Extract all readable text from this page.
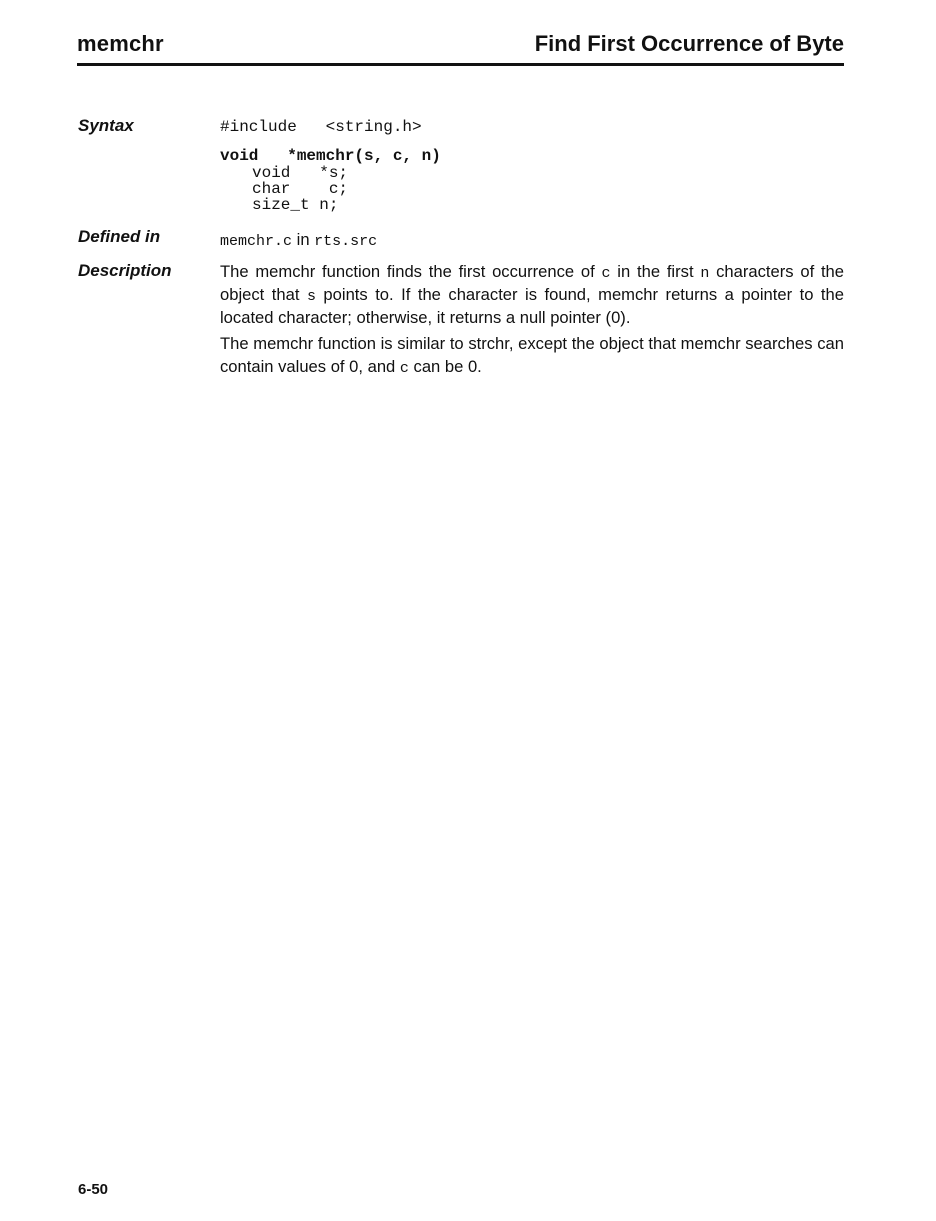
memchr	Find First Occurrence of Byte
Syntax	#include   <string.h>
void   *memchr(s, c, n)
void   *s;
char    c;
size_t n;
Defined in	memchr.c in rts.src
Description	The memchr function finds the first occurrence of c in the first n characters of the object that s points to. If the character is found, memchr returns a pointer to the located character; otherwise, it returns a null pointer (0).
The memchr function is similar to strchr, except the object that memchr searches can contain values of 0, and c can be 0.
6-50
